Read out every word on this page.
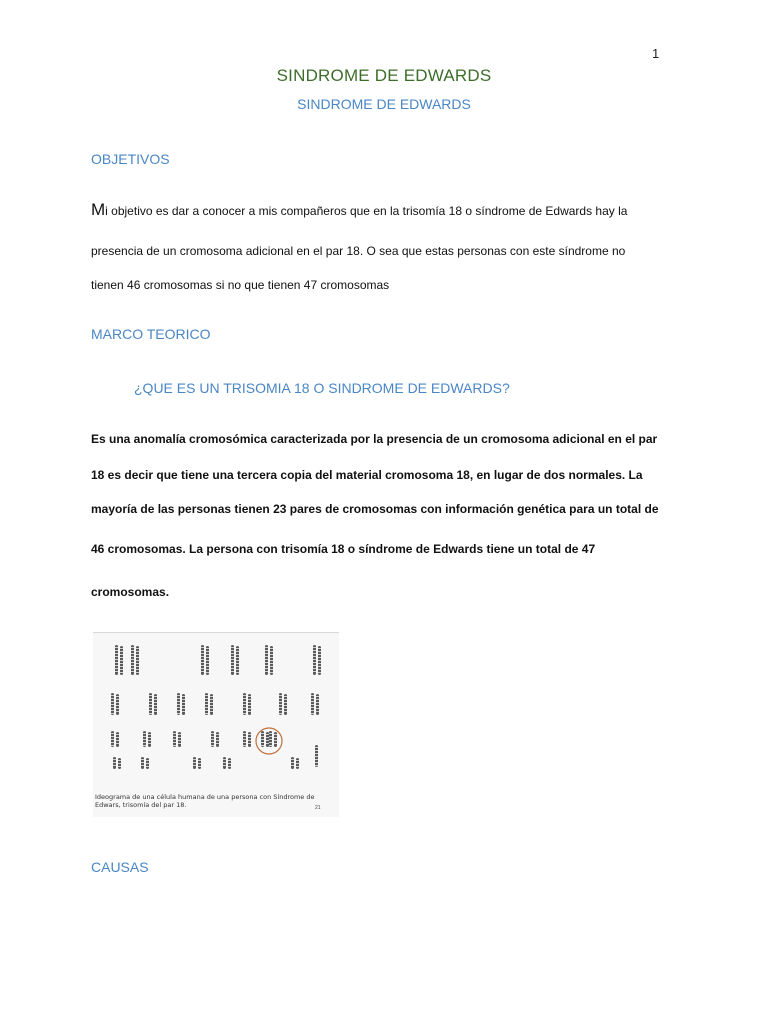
1
SINDROME DE EDWARDS
SINDROME DE EDWARDS
OBJETIVOS
Mi objetivo es dar a conocer a mis compañeros que en la trisomía 18 o síndrome de Edwards hay la
presencia de un cromosoma adicional en el par 18. O sea que estas personas con este síndrome no
tienen 46 cromosomas si no que tienen 47 cromosomas
MARCO TEORICO
¿QUE ES UN TRISOMIA 18 O SINDROME DE EDWARDS?
Es una anomalía cromosómica caracterizada por la presencia de un cromosoma adicional en el par
18 es decir que tiene una tercera copia del material cromosoma 18, en lugar de dos normales. La
mayoría de las personas tienen 23 pares de cromosomas con información genética para un total de
46 cromosomas. La persona con trisomía 18 o síndrome de Edwards tiene un total de 47
cromosomas.
Ideograma de una célula humana de una persona con Síndrome de Edwars, trisomía del par 18.	21
CAUSAS
